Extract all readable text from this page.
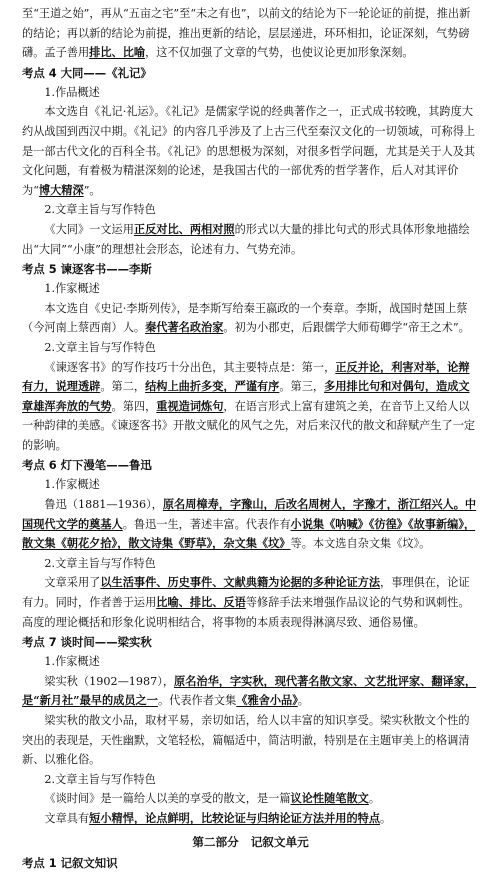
至“王道之始”，再从“五亩之宅”至“未之有也”，以前文的结论为下一轮论证的前提，推出新的结论；再以新的结论为前提，推出更新的结论，层层递进，环环相扣，论证深刻，气势磅礴。孟子善用排比、比喻，这不仅加强了文章的气势，也使议论更加形象深刻。

考点 4 大同——《礼记》

1.作品概述

本文选自《礼记·礼运》。《礼记》是儒家学说的经典著作之一，正式成书较晚，其跨度大约从战国到西汉中期。《礼记》的内容几乎涉及了上古三代至秦汉文化的一切领域，可称得上是一部古代文化的百科全书。《礼记》的思想极为深刻，对很多哲学问题，尤其是关于人及其文化问题，有着极为精湛深刻的论述，是我国古代的一部优秀的哲学著作，后人对其评价为“博大精深”。

2.文章主旨与写作特色

《大同》一文运用正反对比、两相对照的形式以大量的排比句式的形式具体形象地描绘出“大同”“小康”的理想社会形态，论述有力、气势充沛。

考点 5 谏逐客书——李斯

1.作家概述

本文选自《史记·李斯列传》，是李斯写给秦王嬴政的一个奏章。李斯，战国时楚国上蔡（今河南上蔡西南）人。秦代著名政治家。初为小郡吏，后跟儒学大师荀卿学“帝王之术”。

2.文章主旨与写作特色

《谏逐客书》的写作技巧十分出色，其主要特点是：第一，正反并论，利害对举，论辩有力，说理透辟。第二，结构上曲折多变，严谨有序。第三，多用排比句和对偶句，造成文章雄浑奔放的气势。第四，重视造词炼句，在语言形式上富有建筑之美，在音节上又给人以一种韵律的美感。《谏逐客书》开散文赋化的风气之先，对后来汉代的散文和辞赋产生了一定的影响。

考点 6 灯下漫笔——鲁迅

1.作家概述

鲁迅（1881—1936），原名周樟寿，字豫山，后改名周树人，字豫才，浙江绍兴人。中国现代文学的奠基人。鲁迅一生，著述丰富。代表作有小说集《呐喊》《彷徨》《故事新编》，散文集《朝花夕拾》，散文诗集《野草》，杂文集《坟》等。本文选自杂文集《坟》。

2.文章主旨与写作特色

文章采用了以生活事件、历史事件、文献典籍为论据的多种论证方法，事理俱在，论证有力。同时，作者善于运用比喻、排比、反语等修辞手法来增强作品议论的气势和讽刺性。高度的理论概括和形象化说明相结合，将事物的本质表现得淋漓尽致、通俗易懂。

考点 7 谈时间——梁实秋

1.作家概述

梁实秋（1902—1987），原名治华，字实秋，现代著名散文家、文艺批评家、翻译家，是“新月社”最早的成员之一。代表作者文集《雅舍小品》。

梁实秋的散文小品，取材平易，亲切如话，给人以丰富的知识享受。梁实秋散文个性的突出的表现是，天性幽默，文笔轻松，篇幅适中，简洁明澈，特别是在主题审美上的格调清新、以雅化俗。

2.文章主旨与写作特色

《谈时间》是一篇给人以美的享受的散文，是一篇议论性随笔散文。

文章具有短小精悍，论点鲜明，比较论证与归纳论证方法并用的特点。

第二部分 记叙文单元

考点 1 记叙文知识
